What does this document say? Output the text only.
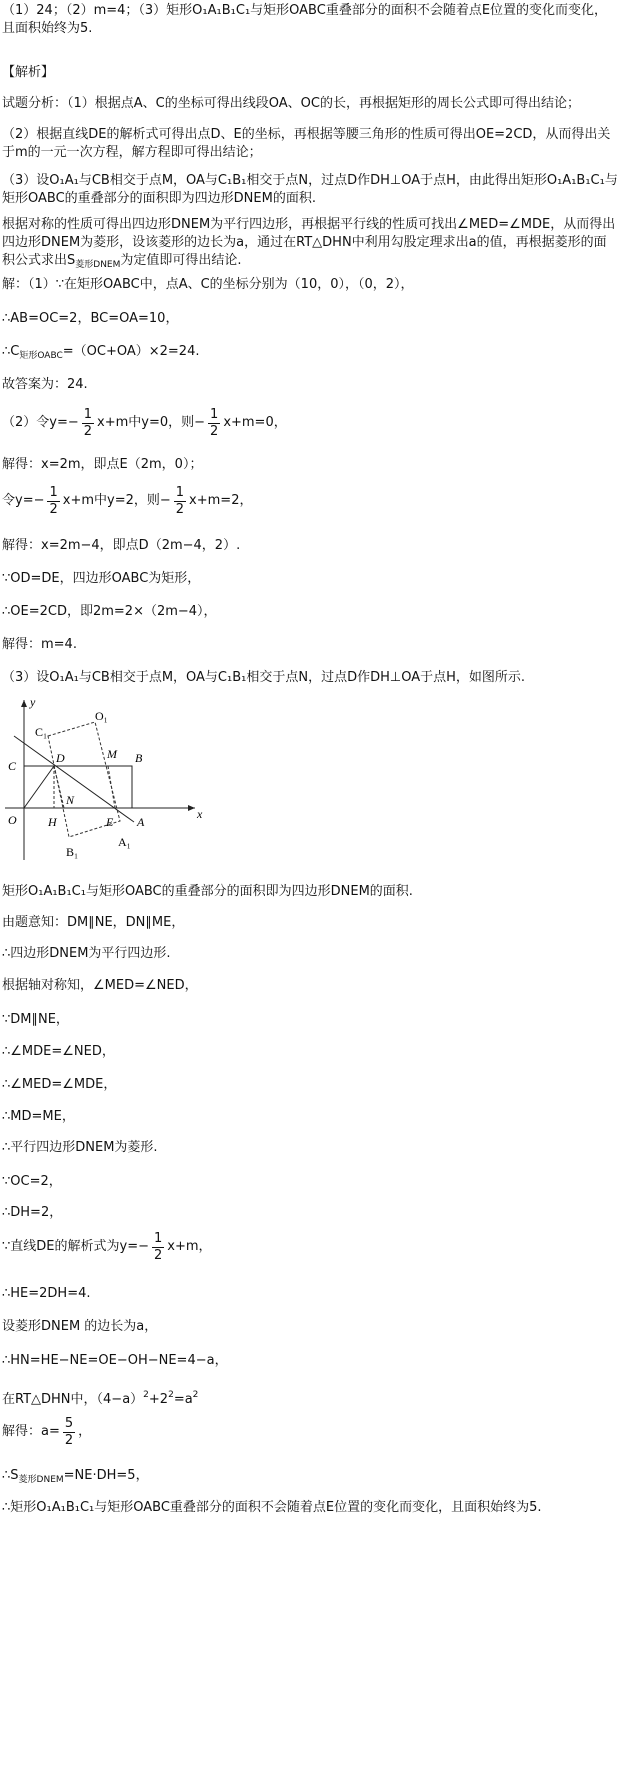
（1）24；（2）m=4；（3）矩形O₁A₁B₁C₁与矩形OABC重叠部分的面积不会随着点E位置的变化而变化，且面积始终为5.
【解析】
试题分析：（1）根据点A、C的坐标可得出线段OA、OC的长，再根据矩形的周长公式即可得出结论；
（2）根据直线DE的解析式可得出点D、E的坐标，再根据等腰三角形的性质可得出OE=2CD，从而得出关于m的一元一次方程，解方程即可得出结论；
（3）设O₁A₁与CB相交于点M，OA与C₁B₁相交于点N，过点D作DH⊥OA于点H，由此得出矩形O₁A₁B₁C₁与矩形OABC的重叠部分的面积即为四边形DNEM的面积.
根据对称的性质可得出四边形DNEM为平行四边形，再根据平行线的性质可找出∠MED=∠MDE，从而得出四边形DNEM为菱形，设该菱形的边长为a，通过在RT△DHN中利用勾股定理求出a的值，再根据菱形的面积公式求出$S_{菱形DNEM}$为定值即可得出结论.
解：（1）∵在矩形OABC中，点A、C的坐标分别为（10，0），（0，2），
∴AB=OC=2，BC=OA=10，
$\therefore C_{矩形OABC}=(OC+OA)\times 2=24$.
故答案为：24.
（2）令$y=- \frac{1}{2} x+m$中y=0，则− $\frac{1}{2} x+m=0$，
解得：x=2m，即点E（2m，0）；
令$y=- \frac{1}{2} x+m$中y=2，则− $\frac{1}{2} x+m=2$，
解得：x=2m−4，即点D（2m−4，2）.
∵OD=DE，四边形OABC为矩形，
∴OE=2CD，即2m=2×（2m−4），
解得：m=4.
（3）设O₁A₁与CB相交于点M，OA与C₁B₁相交于点N，过点D作DH⊥OA于点H，如图所示.
y
x
O
C
C₁
O₁
D	M B
N
H	E A
A₁
B₁
矩形O₁A₁B₁C₁与矩形OABC的重叠部分的面积即为四边形DNEM的面积.
由题意知：DM∥NE，DN∥ME，
∴四边形DNEM为平行四边形.
根据轴对称知，∠MED=∠NED，
∵DM∥NE，
∴∠MDE=∠NED，
∴∠MED=∠MDE，
∴MD=ME，
∴平行四边形DNEM为菱形.
∵OC=2，
∴DH=2，
∵直线DE的解析式为$y=- \frac{1}{2} x+m$，
∴HE=2DH=4.
设菱形DNEM 的边长为a，
∴HN=HE−NE=OE−OH−NE=4−a，
在RT△DHN中，$(4-a)^2+2^2=a^2$
解得：$a= \frac{5}{2}$ ，
$\therefore S_{菱形DNEM}=NE\cdot DH=5$，
∴矩形O₁A₁B₁C₁与矩形OABC重叠部分的面积不会随着点E位置的变化而变化，且面积始终为5.
